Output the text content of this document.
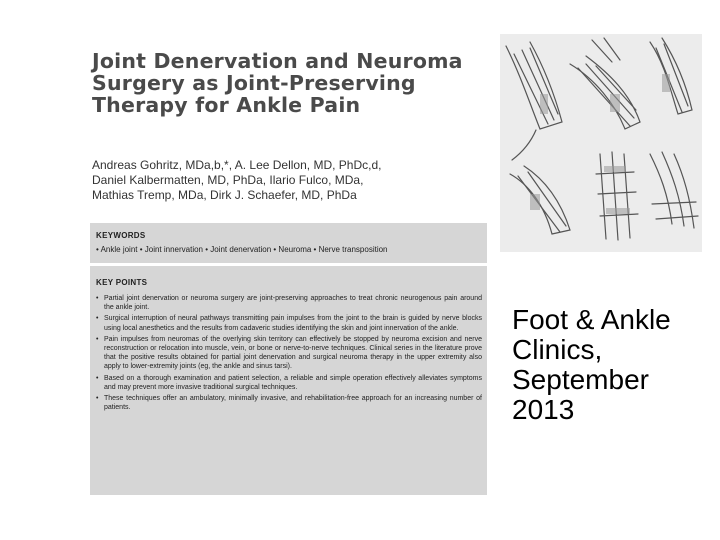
Joint Denervation and Neuroma
Surgery as Joint-Preserving
Therapy for Ankle Pain
Andreas Gohritz, MDa,b,*, A. Lee Dellon, MD, PhDc,d,
Daniel Kalbermatten, MD, PhDa, Ilario Fulco, MDa,
Mathias Tremp, MDa, Dirk J. Schaefer, MD, PhDa
KEYWORDS
• Ankle joint • Joint innervation • Joint denervation • Neuroma • Nerve transposition
KEY POINTS
• Partial joint denervation or neuroma surgery are joint-preserving approaches to treat chronic neurogenous pain around the ankle joint.
• Surgical interruption of neural pathways transmitting pain impulses from the joint to the brain is guided by nerve blocks using local anesthetics and the results from cadaveric studies identifying the skin and joint innervation of the ankle.
• Pain impulses from neuromas of the overlying skin territory can effectively be stopped by neuroma excision and nerve reconstruction or relocation into muscle, vein, or bone or nerve-to-nerve techniques. Clinical series in the literature prove that the positive results obtained for partial joint denervation and surgical neuroma therapy in the upper extremity also apply to lower-extremity joints (eg, the ankle and sinus tarsi).
• Based on a thorough examination and patient selection, a reliable and simple operation effectively alleviates symptoms and may prevent more invasive traditional surgical techniques.
• These techniques offer an ambulatory, minimally invasive, and rehabilitation-free approach for an increasing number of patients.
Foot & Ankle
Clinics,
September
2013
